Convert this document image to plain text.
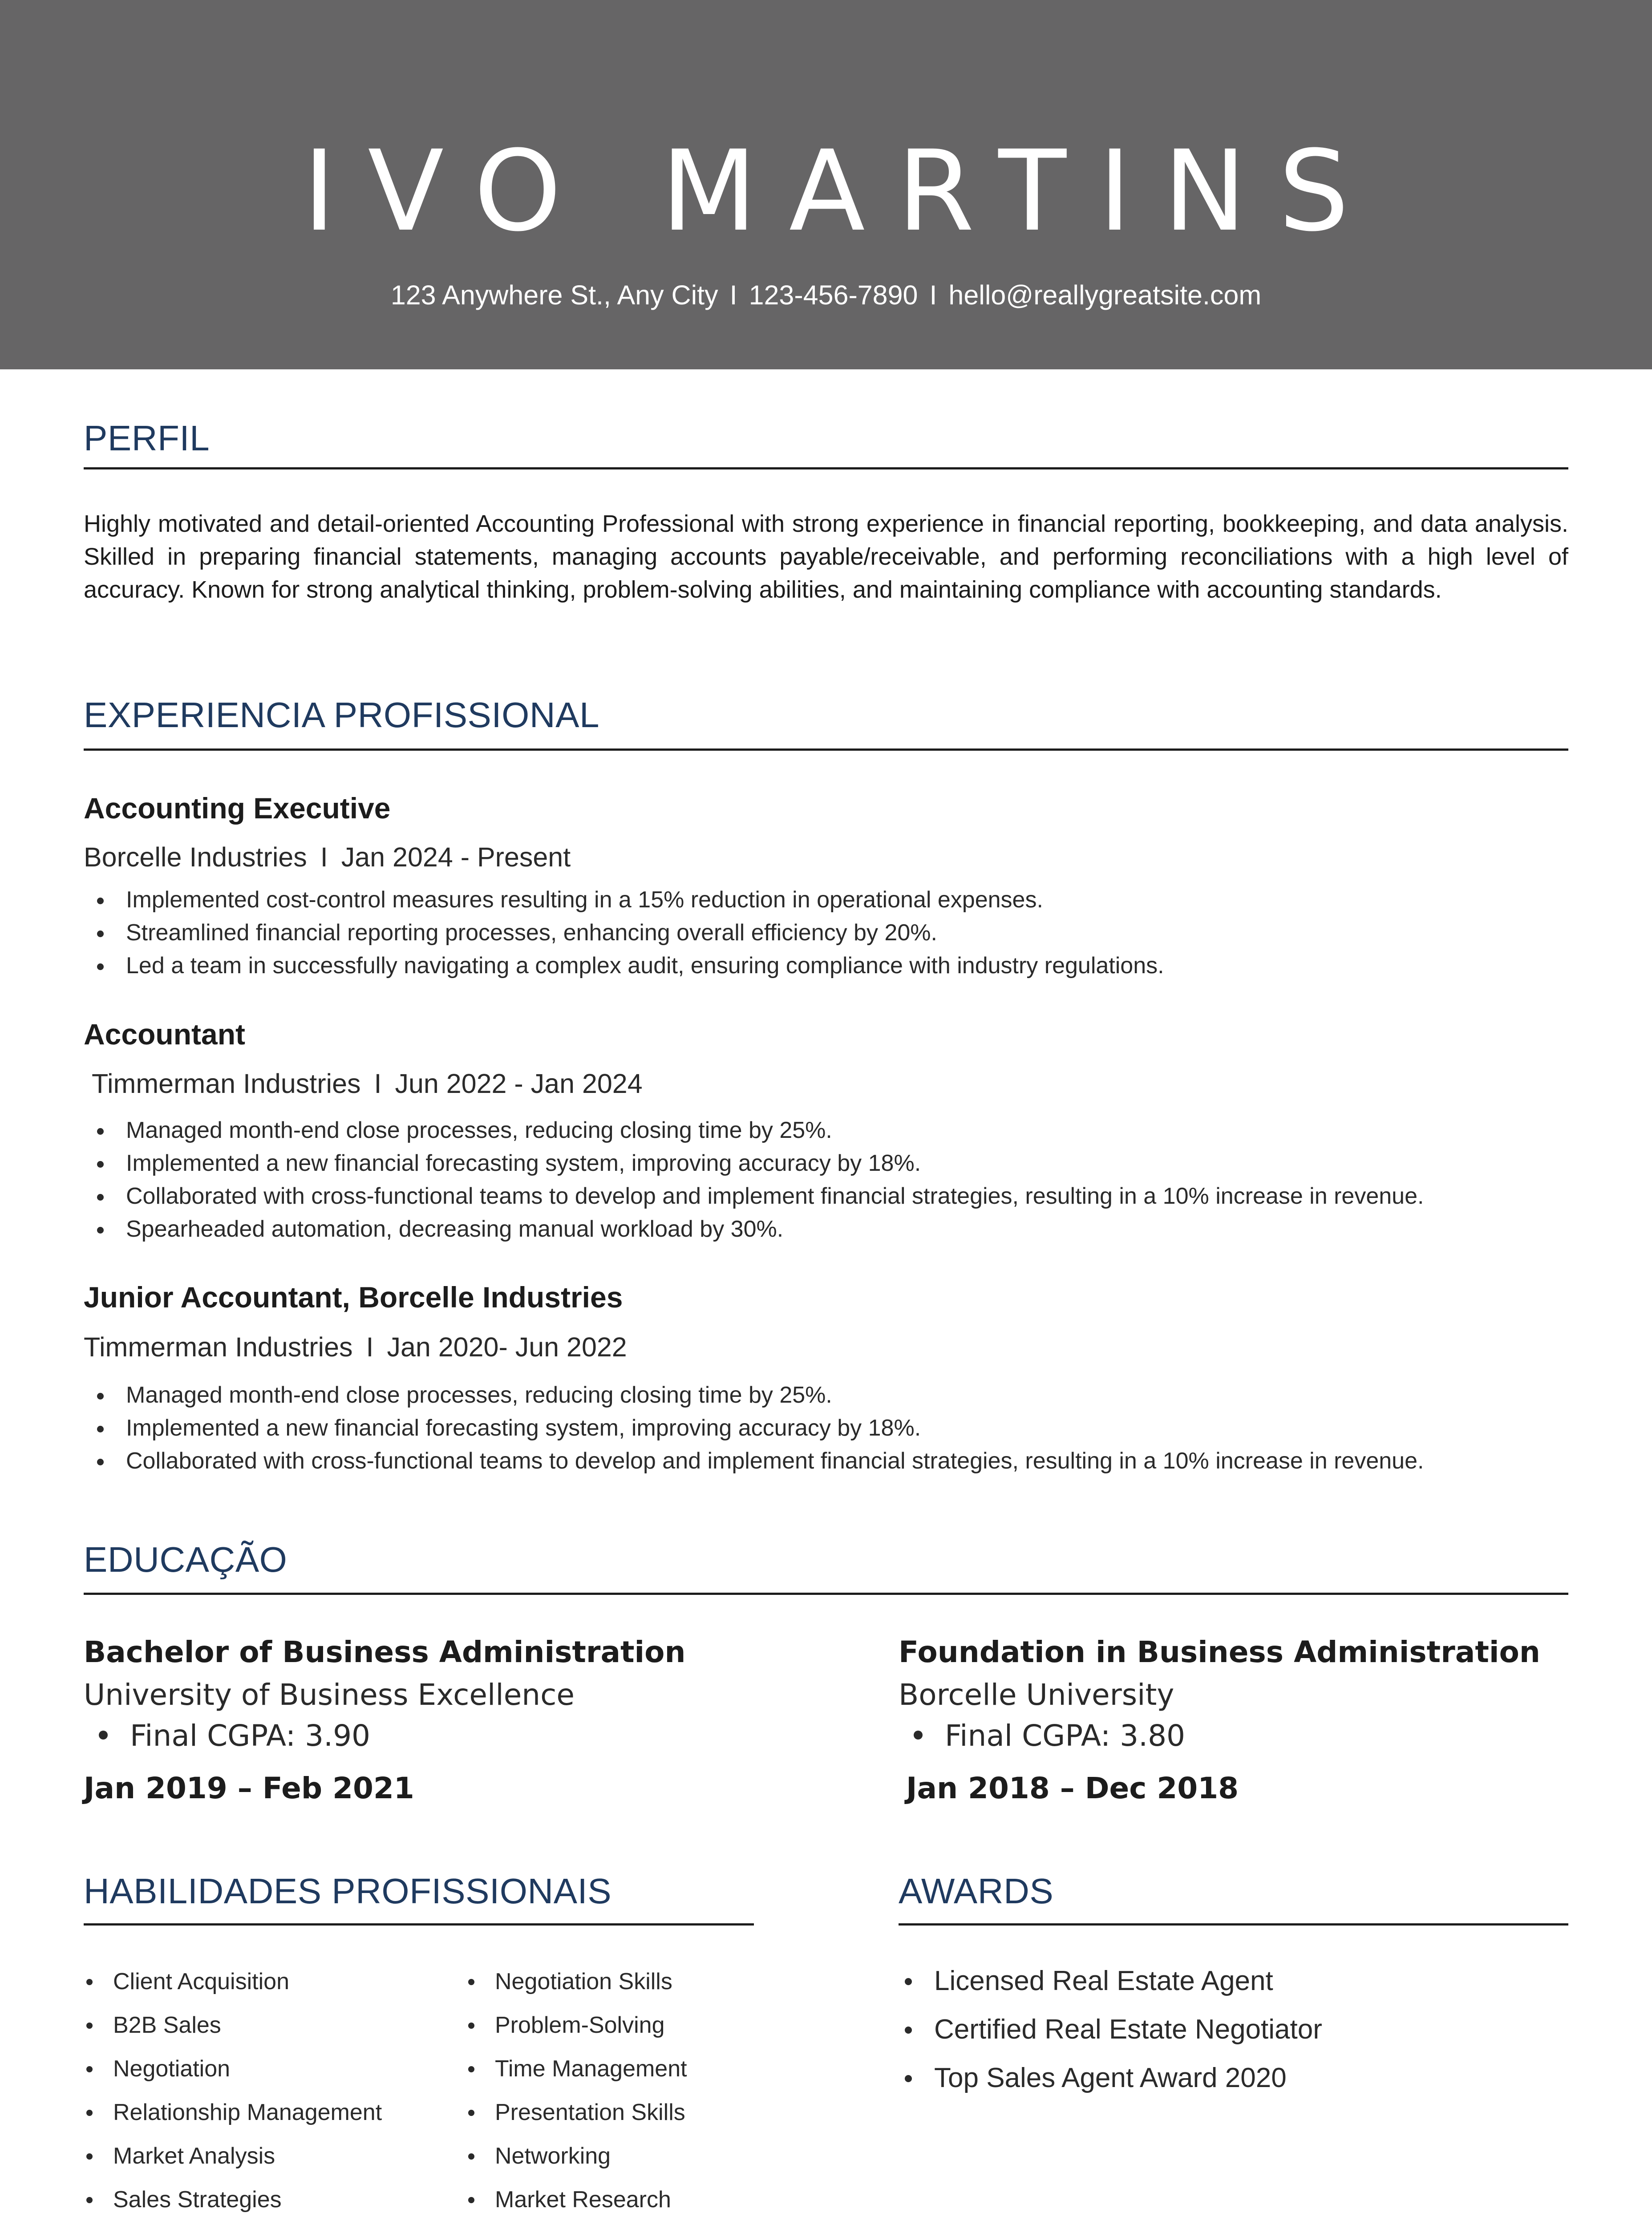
IVO MARTINS
123 Anywhere St., Any City I 123-456-7890 I hello@reallygreatsite.com
PERFIL
Highly motivated and detail-oriented Accounting Professional with strong experience in financial reporting, bookkeeping, and data analysis. Skilled in preparing financial statements, managing accounts payable/receivable, and performing reconciliations with a high level of accuracy. Known for strong analytical thinking, problem-solving abilities, and maintaining compliance with accounting standards.
EXPERIENCIA PROFISSIONAL
Accounting Executive
Borcelle Industries I Jan 2024 - Present
Implemented cost-control measures resulting in a 15% reduction in operational expenses.
Streamlined financial reporting processes, enhancing overall efficiency by 20%.
Led a team in successfully navigating a complex audit, ensuring compliance with industry regulations.
Accountant
Timmerman Industries I Jun 2022 - Jan 2024
Managed month-end close processes, reducing closing time by 25%.
Implemented a new financial forecasting system, improving accuracy by 18%.
Collaborated with cross-functional teams to develop and implement financial strategies, resulting in a 10% increase in revenue.
Spearheaded automation, decreasing manual workload by 30%.
Junior Accountant, Borcelle Industries
Timmerman Industries I Jan 2020- Jun 2022
Managed month-end close processes, reducing closing time by 25%.
Implemented a new financial forecasting system, improving accuracy by 18%.
Collaborated with cross-functional teams to develop and implement financial strategies, resulting in a 10% increase in revenue.
EDUCAÇÃO
Bachelor of Business Administration
University of Business Excellence
Final CGPA: 3.90
Jan 2019 – Feb 2021
Foundation in Business Administration
Borcelle University
Final CGPA: 3.80
Jan 2018 – Dec 2018
HABILIDADES PROFISSIONAIS
Client Acquisition
B2B Sales
Negotiation
Relationship Management
Market Analysis
Sales Strategies
Negotiation Skills
Problem-Solving
Time Management
Presentation Skills
Networking
Market Research
AWARDS
Licensed Real Estate Agent
Certified Real Estate Negotiator
Top Sales Agent Award 2020
